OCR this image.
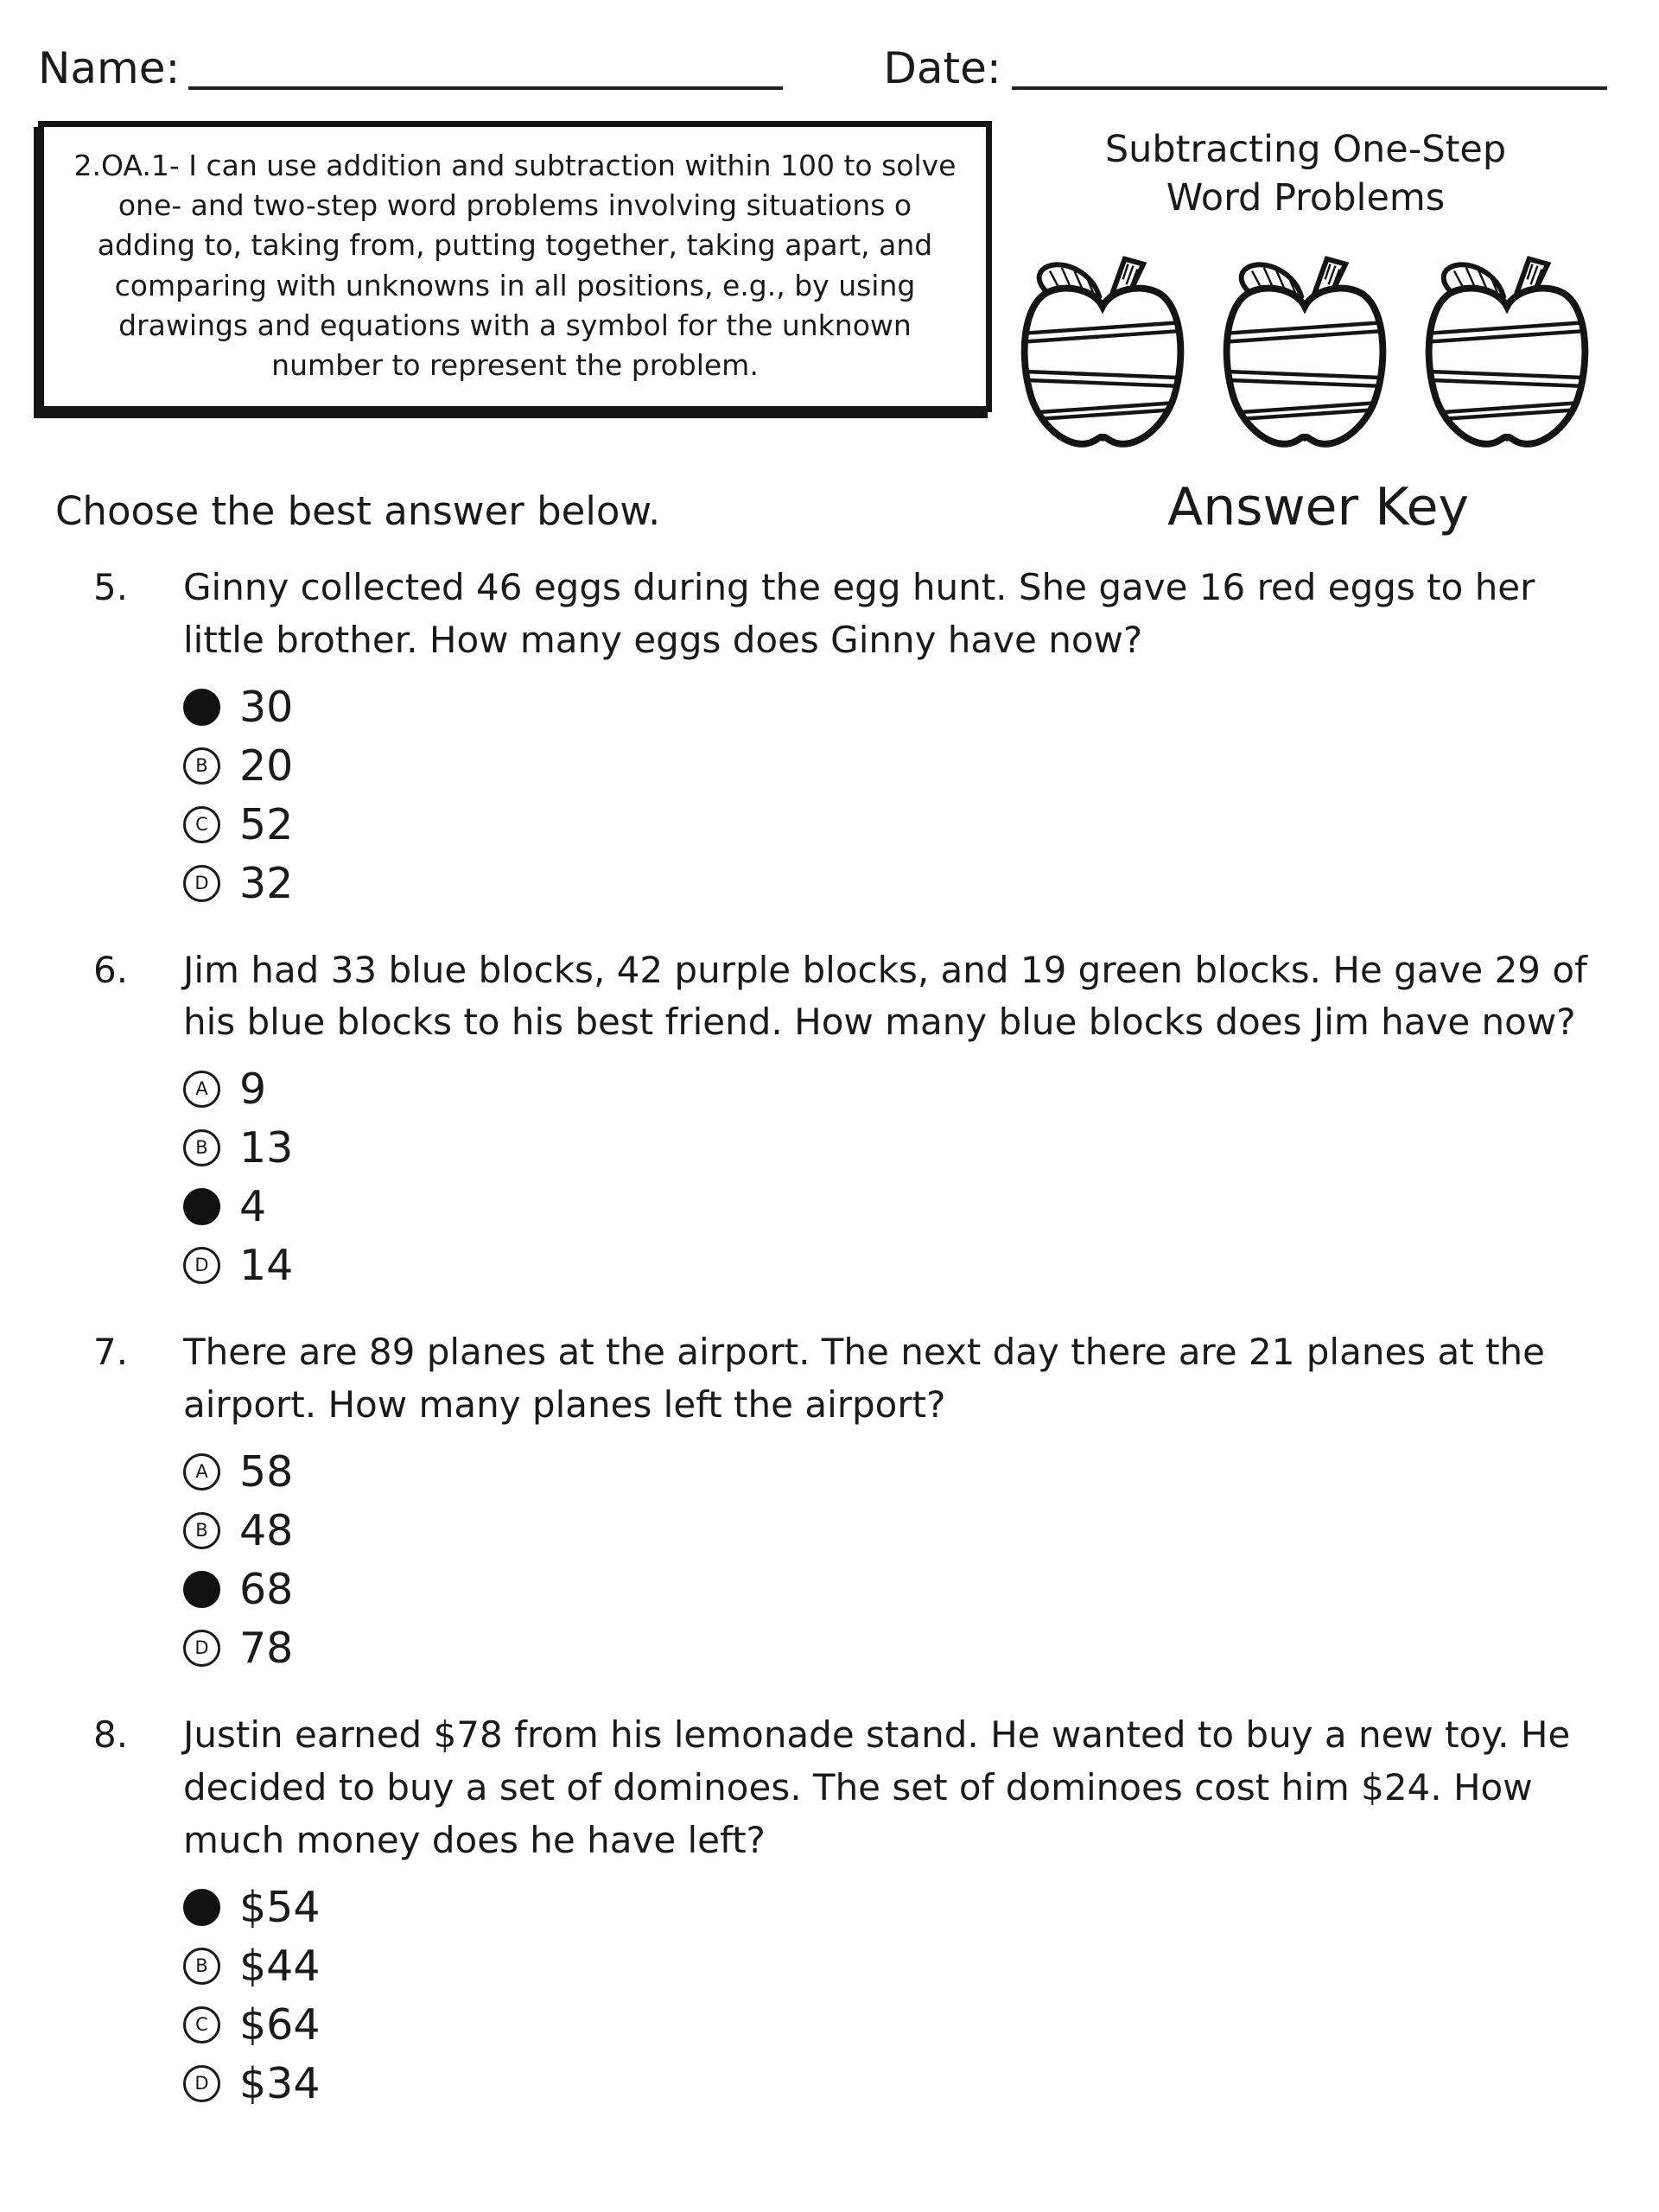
Name:	Date:
2.OA.1- I can use addition and subtraction within 100 to solve
one- and two-step word problems involving situations o
adding to, taking from, putting together, taking apart, and
comparing with unknowns in all positions, e.g., by using
drawings and equations with a symbol for the unknown
number to represent the problem.
Subtracting One-Step
Word Problems
Choose the best answer below.	Answer Key
5.	Ginny collected 46 eggs during the egg hunt. She gave 16 red eggs to her little brother. How many eggs does Ginny have now?
30
B 20
C 52
D 32
6.	Jim had 33 blue blocks, 42 purple blocks, and 19 green blocks. He gave 29 of his blue blocks to his best friend. How many blue blocks does Jim have now?
A 9
B 13
4
D 14
7.	There are 89 planes at the airport. The next day there are 21 planes at the airport. How many planes left the airport?
A 58
B 48
68
D 78
8.	Justin earned $78 from his lemonade stand. He wanted to buy a new toy. He decided to buy a set of dominoes. The set of dominoes cost him $24. How much money does he have left?
$54
B $44
C $64
D $34
